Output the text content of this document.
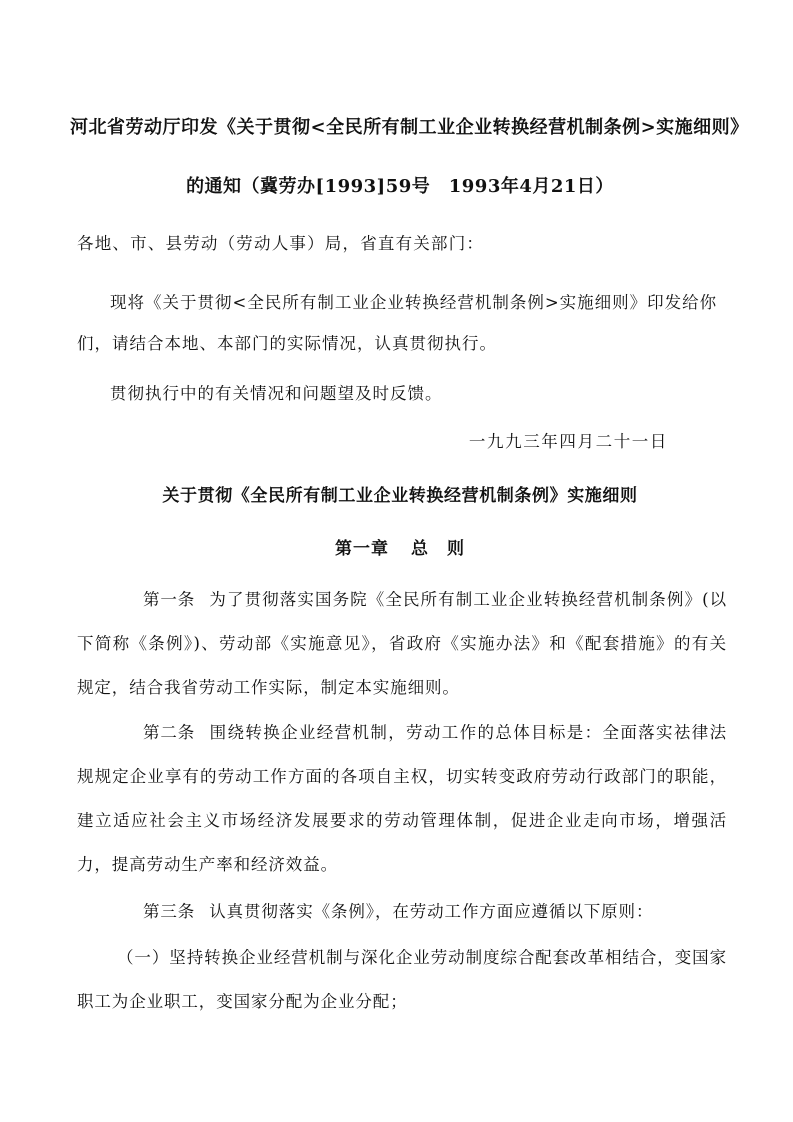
河北省劳动厅印发《关于贯彻<全民所有制工业企业转换经营机制条例>实施细则》
的通知（冀劳办[1993]59号　1993年4月21日）
各地、市、县劳动（劳动人事）局，省直有关部门：

现将《关于贯彻<全民所有制工业企业转换经营机制条例>实施细则》印发给你们，请结合本地、本部门的实际情况，认真贯彻执行。

贯彻执行中的有关情况和问题望及时反馈。

一九九三年四月二十一日
关于贯彻《全民所有制工业企业转换经营机制条例》实施细则
第一章 总　则

第一条 为了贯彻落实国务院《全民所有制工业企业转换经营机制条例》(以下简称《条例》)、劳动部《实施意见》，省政府《实施办法》和《配套措施》的有关规定，结合我省劳动工作实际，制定本实施细则。

第二条 围绕转换企业经营机制，劳动工作的总体目标是：全面落实祛律法规规定企业享有的劳动工作方面的各项自主权，切实转变政府劳动行政部门的职能，建立适应社会主义市场经济发展要求的劳动管理体制，促进企业走向市场，增强活力，提高劳动生产率和经济效益。

第三条 认真贯彻落实《条例》，在劳动工作方面应遵循以下原则：

（一）坚持转换企业经营机制与深化企业劳动制度综合配套改革相结合，变国家职工为企业职工，变国家分配为企业分配；
